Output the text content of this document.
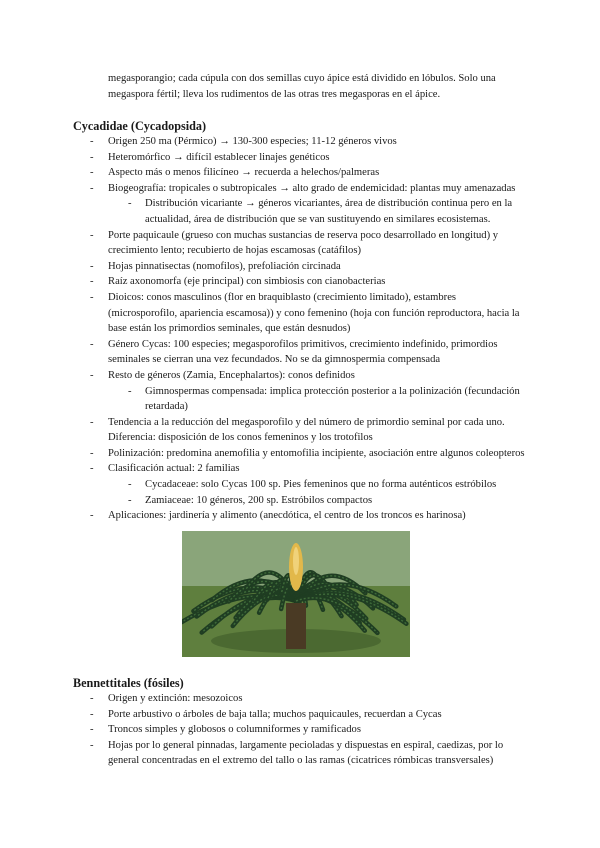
megasporangio; cada cúpula con dos semillas cuyo ápice está dividido en lóbulos. Solo una megaspora fértil; lleva los rudimentos de las otras tres megasporas en el ápice.

Cycadidae (Cycadopsida)
- Origen 250 ma (Pérmico) → 130-300 especies; 11-12 géneros vivos
- Heteromórfico → difícil establecer linajes genéticos
- Aspecto más o menos filicíneo → recuerda a helechos/palmeras
- Biogeografía: tropicales o subtropicales → alto grado de endemicidad: plantas muy amenazadas
- Distribución vicariante → géneros vicariantes, área de distribución continua pero en la actualidad, área de distribución que se van sustituyendo en similares ecosistemas.
- Porte paquicaule (grueso con muchas sustancias de reserva poco desarrollado en longitud) y crecimiento lento; recubierto de hojas escamosas (catáfilos)
- Hojas pinnatisectas (nomofilos), prefoliación circinada
- Raíz axonomorfa (eje principal) con simbiosis con cianobacterias
- Dioicos: conos masculinos (flor en braquiblasto (crecimiento limitado), estambres (microsporofilo, apariencia escamosa)) y cono femenino (hoja con función reproductora, hacia la base están los primordios seminales, que están desnudos)
- Género Cycas: 100 especies; megasporofilos primitivos, crecimiento indefinido, primordios seminales se cierran una vez fecundados. No se da gimnospermia compensada
- Resto de géneros (Zamia, Encephalartos): conos definidos
- Gimnospermas compensada: implica protección posterior a la polinización (fecundación retardada)
- Tendencia a la reducción del megasporofilo y del número de primordio seminal por cada uno. Diferencia: disposición de los conos femeninos y los trotofilos
- Polinización: predomina anemofilia y entomofilia incipiente, asociación entre algunos coleopteros
- Clasificación actual: 2 familias
- Cycadaceae: solo Cycas 100 sp. Pies femeninos que no forma auténticos estróbilos
- Zamiaceae: 10 géneros, 200 sp. Estróbilos compactos
- Aplicaciones: jardinería y alimento (anecdótica, el centro de los troncos es harinosa)
Bennettitales (fósiles)
- Origen y extinción: mesozoicos
- Porte arbustivo o árboles de baja talla; muchos paquicaules, recuerdan a Cycas
- Troncos simples y globosos o columniformes y ramificados
- Hojas por lo general pinnadas, largamente pecioladas y dispuestas en espiral, caedizas, por lo general concentradas en el extremo del tallo o las ramas (cicatrices rómbicas transversales)
